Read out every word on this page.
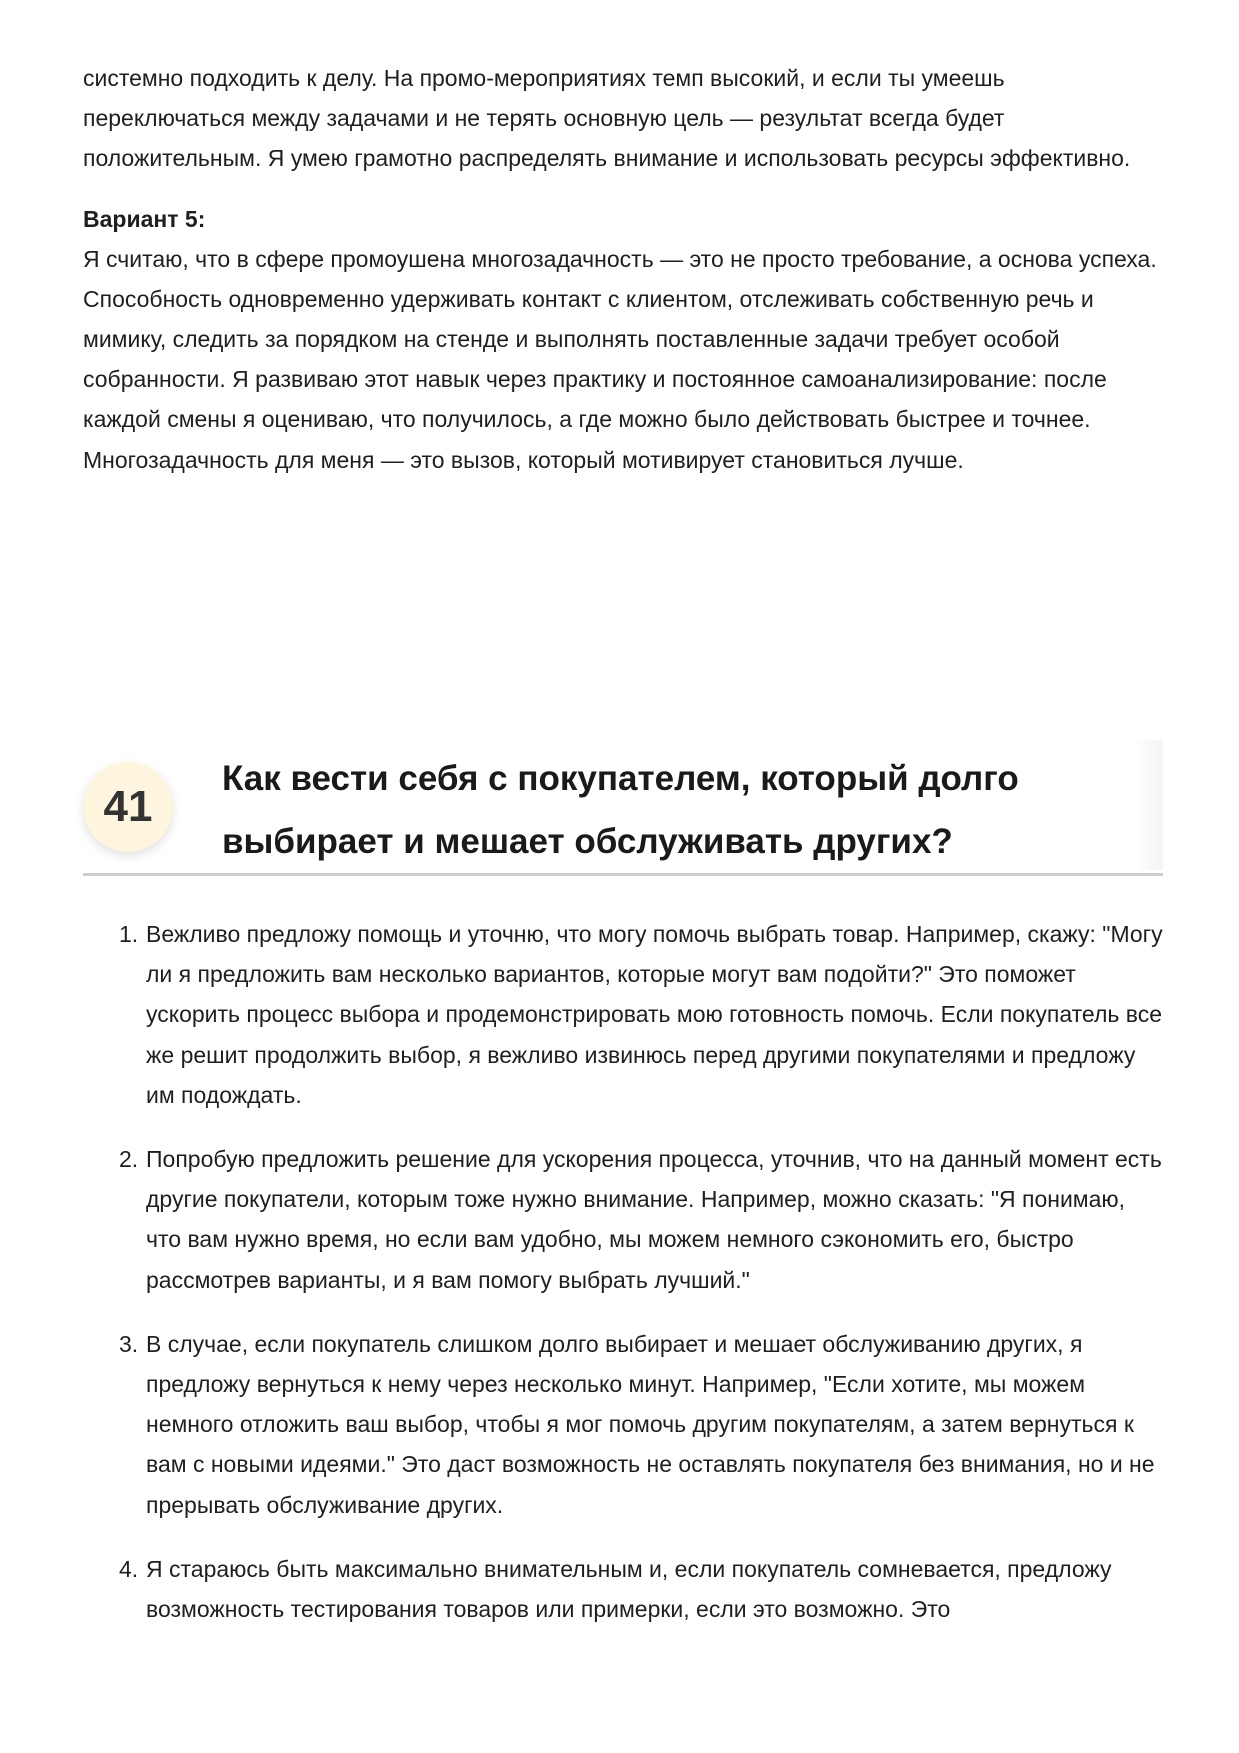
системно подходить к делу. На промо-мероприятиях темп высокий, и если ты умеешь переключаться между задачами и не терять основную цель — результат всегда будет положительным. Я умею грамотно распределять внимание и использовать ресурсы эффективно.

Вариант 5:

Я считаю, что в сфере промоушена многозадачность — это не просто требование, а основа успеха. Способность одновременно удерживать контакт с клиентом, отслеживать собственную речь и мимику, следить за порядком на стенде и выполнять поставленные задачи требует особой собранности. Я развиваю этот навык через практику и постоянное самоанализирование: после каждой смены я оцениваю, что получилось, а где можно было действовать быстрее и точнее. Многозадачность для меня — это вызов, который мотивирует становиться лучше.

41
Как вести себя с покупателем, который долго выбирает и мешает обслуживать других?
1. Вежливо предложу помощь и уточню, что могу помочь выбрать товар. Например, скажу: "Могу ли я предложить вам несколько вариантов, которые могут вам подойти?" Это поможет ускорить процесс выбора и продемонстрировать мою готовность помочь. Если покупатель все же решит продолжить выбор, я вежливо извинюсь перед другими покупателями и предложу им подождать.
2. Попробую предложить решение для ускорения процесса, уточнив, что на данный момент есть другие покупатели, которым тоже нужно внимание. Например, можно сказать: "Я понимаю, что вам нужно время, но если вам удобно, мы можем немного сэкономить его, быстро рассмотрев варианты, и я вам помогу выбрать лучший."
3. В случае, если покупатель слишком долго выбирает и мешает обслуживанию других, я предложу вернуться к нему через несколько минут. Например, "Если хотите, мы можем немного отложить ваш выбор, чтобы я мог помочь другим покупателям, а затем вернуться к вам с новыми идеями." Это даст возможность не оставлять покупателя без внимания, но и не прерывать обслуживание других.
4. Я стараюсь быть максимально внимательным и, если покупатель сомневается, предложу возможность тестирования товаров или примерки, если это возможно. Это
